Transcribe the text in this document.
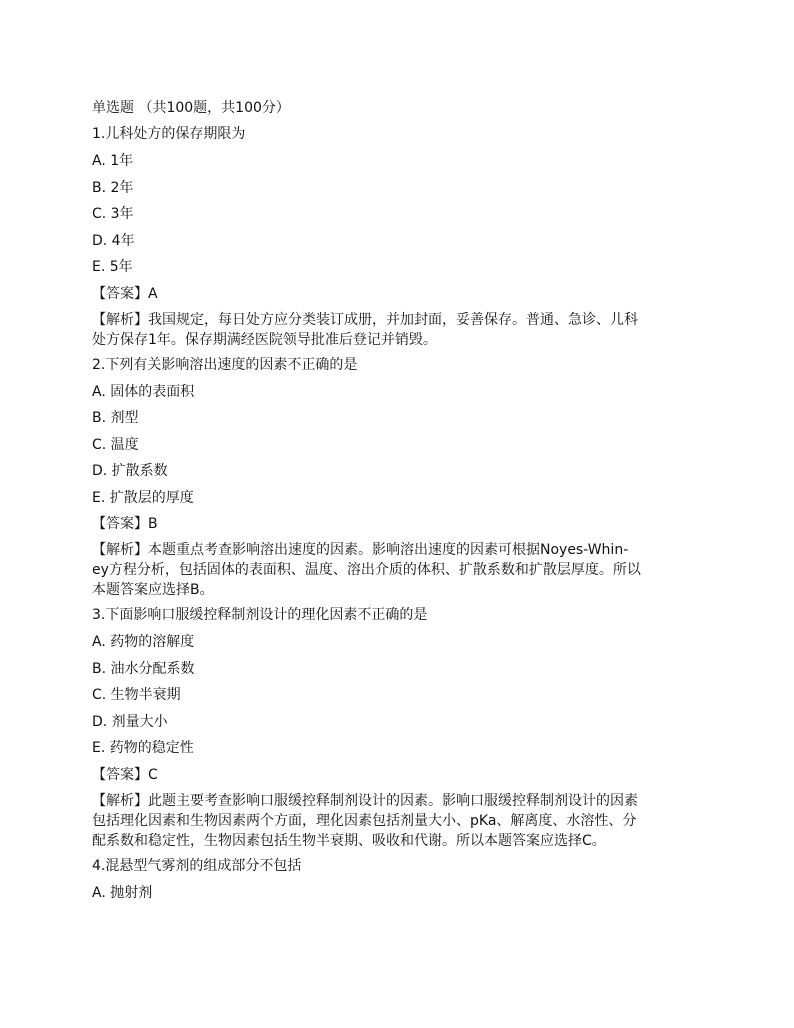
单选题 （共100题，共100分）
1.儿科处方的保存期限为
A. 1年
B. 2年
C. 3年
D. 4年
E. 5年
【答案】A
【解析】我国规定，每日处方应分类装订成册，并加封面，妥善保存。普通、急诊、儿科
处方保存1年。保存期满经医院领导批准后登记并销毁。
2.下列有关影响溶出速度的因素不正确的是
A. 固体的表面积
B. 剂型
C. 温度
D. 扩散系数
E. 扩散层的厚度
【答案】B
【解析】本题重点考查影响溶出速度的因素。影响溶出速度的因素可根据Noyes-Whin-
ey方程分析，包括固体的表面积、温度、溶出介质的体积、扩散系数和扩散层厚度。所以
本题答案应选择B。
3.下面影响口服缓控释制剂设计的理化因素不正确的是
A. 药物的溶解度
B. 油水分配系数
C. 生物半衰期
D. 剂量大小
E. 药物的稳定性
【答案】C
【解析】此题主要考查影响口服缓控释制剂设计的因素。影响口服缓控释制剂设计的因素
包括理化因素和生物因素两个方面，理化因素包括剂量大小、pKa、解离度、水溶性、分
配系数和稳定性，生物因素包括生物半衰期、吸收和代谢。所以本题答案应选择C。
4.混悬型气雾剂的组成部分不包括
A. 抛射剂
